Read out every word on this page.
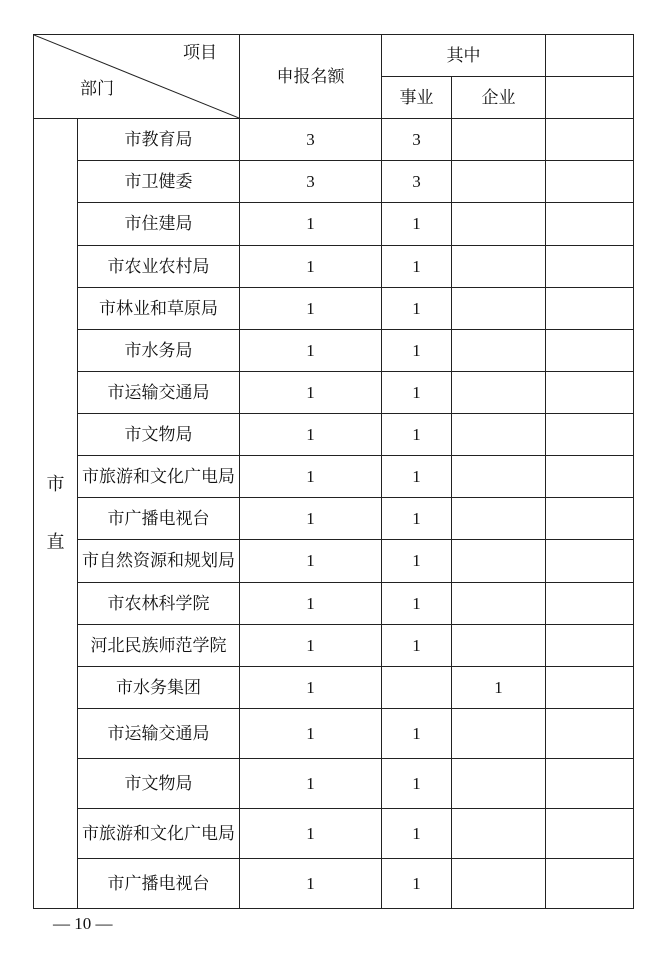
项目
部门		申报名额	其中		
			事业	企业	
市
直	市教育局	3	3		
	市卫健委	3	3		
	市住建局	1	1		
	市农业农村局	1	1		
	市林业和草原局	1	1		
	市水务局	1	1		
	市运输交通局	1	1		
	市文物局	1	1		
	市旅游和文化广电局	1	1		
	市广播电视台	1	1		
	市自然资源和规划局	1	1		
	市农林科学院	1	1		
	河北民族师范学院	1	1		
	市水务集团	1		1	
	市运输交通局	1	1		
	市文物局	1	1		
	市旅游和文化广电局	1	1		
	市广播电视台	1	1		
— 10 —
